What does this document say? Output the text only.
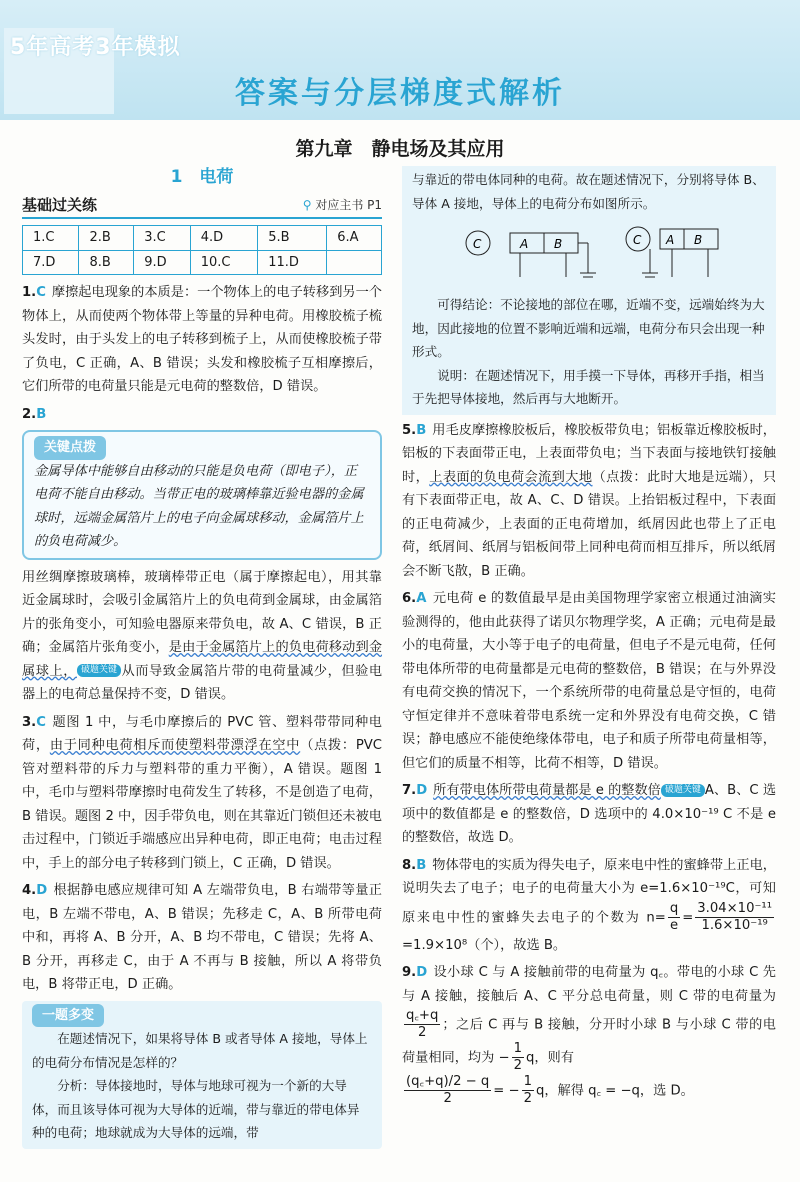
5年高考3年模拟
答案与分层梯度式解析
第九章　静电场及其应用
1　 电荷
基础过关练	⚲ 对应主书 P1
1.C	2.B	3.C	4.D	5.B	6.A
7.D	8.B	9.D	10.C	11.D	

1.C 摩擦起电现象的本质是：一个物体上的电子转移到另一个物体上，从而使两个物体带上等量的异种电荷。用橡胶梳子梳头发时，由于头发上的电子转移到梳子上，从而使橡胶梳子带了负电，C 正确，A、B 错误；头发和橡胶梳子互相摩擦后，它们所带的电荷量只能是元电荷的整数倍，D 错误。

2.B

关键点拨
金属导体中能够自由移动的只能是负电荷（即电子），正电荷不能自由移动。当带正电的玻璃棒靠近验电器的金属球时，远端金属箔片上的电子向金属球移动，金属箔片上的负电荷减少。

用丝绸摩擦玻璃棒，玻璃棒带正电（属于摩擦起电），用其靠近金属球时，会吸引金属箔片上的负电荷到金属球，由金属箔片的张角变小，可知验电器原来带负电，故 A、C 错误，B 正确；金属箔片张角变小，是由于金属箔片上的负电荷移动到金属球上， 破题关键 从而导致金属箔片带的电荷量减少，但验电器上的电荷总量保持不变，D 错误。

3.C 题图 1 中，与毛巾摩擦后的 PVC 管、塑料带带同种电荷，由于同种电荷相斥而使塑料带漂浮在空中（点拨：PVC 管对塑料带的斥力与塑料带的重力平衡），A 错误。题图 1 中，毛巾与塑料带摩擦时电荷发生了转移，不是创造了电荷，B 错误。题图 2 中，因手带负电，则在其靠近门锁但还未被电击过程中，门锁近手端感应出异种电荷，即正电荷；电击过程中，手上的部分电子转移到门锁上，C 正确，D 错误。

4.D 根据静电感应规律可知 A 左端带负电，B 右端带等量正电，B 左端不带电，A、B 错误；先移走 C，A、B 所带电荷中和，再将 A、B 分开，A、B 均不带电，C 错误；先将 A、B 分开，再移走 C，由于 A 不再与 B 接触，所以 A 将带负电，B 将带正电，D 正确。

一题多变
在题述情况下，如果将导体 B 或者导体 A 接地，导体上的电荷分布情况是怎样的？
分析：导体接地时，导体与地球可视为一个新的大导体，而且该导体可视为大导体的近端，带与靠近的带电体异种的电荷；地球就成为大导体的远端，带
与靠近的带电体同种的电荷。故在题述情况下，分别将导体 B、导体 A 接地，导体上的电荷分布如图所示。
C	A B	C A B
可得结论：不论接地的部位在哪，近端不变，远端始终为大地，因此接地的位置不影响近端和远端，电荷分布只会出现一种形式。
说明：在题述情况下，用手摸一下导体，再移开手指，相当于先把导体接地，然后再与大地断开。

5.B 用毛皮摩擦橡胶板后，橡胶板带负电；铝板靠近橡胶板时，铝板的下表面带正电，上表面带负电；当下表面与接地铁钉接触时，上表面的负电荷会流到大地（点拨：此时大地是远端），只有下表面带正电，故 A、C、D 错误。上抬铝板过程中，下表面的正电荷减少，上表面的正电荷增加，纸屑因此也带上了正电荷，纸屑间、纸屑与铝板间带上同种电荷而相互排斥，所以纸屑会不断飞散，B 正确。

6.A 元电荷 e 的数值最早是由美国物理学家密立根通过油滴实验测得的，他由此获得了诺贝尔物理学奖，A 正确；元电荷是最小的电荷量，大小等于电子的电荷量，但电子不是元电荷，任何带电体所带的电荷量都是元电荷的整数倍，B 错误；在与外界没有电荷交换的情况下，一个系统所带的电荷量总是守恒的，电荷守恒定律并不意味着带电系统一定和外界没有电荷交换，C 错误；静电感应不能使绝缘体带电，电子和质子所带电荷量相等，但它们的质量不相等，比荷不相等，D 错误。

7.D 所有带电体所带电荷量都是 e 的整数倍 破题关键 A、B、C 选项中的数值都是 e 的整数倍，D 选项中的 4.0×10⁻¹⁹ C 不是 e 的整数倍，故选 D。

8.B 物体带电的实质为得失电子，原来电中性的蜜蜂带上正电，说明失去了电子；电子的电荷量大小为 e=1.6×10⁻¹⁹C，可知原来电中性的蜜蜂失去电子的个数为 $n= \frac{q}{e} = \frac{\text{3.04×10⁻¹¹}}{\text{1.6×10⁻¹⁹}}$
=1.9×10⁸（个），故选 B。

9.D 设小球 C 与 A 接触前带的电荷量为 q꜀。带电的小球 C 先与 A 接触，接触后 A、C 平分总电荷量，则 C 带的电荷量为
$\frac{q꜀+q}{2}$ ；之后 C 再与 B 接触，分开时小球 B 与小球 C 带的电荷量相同，均为 − $\frac{1}{2}$ q，则有

$\frac{(q꜀+q)/2 - q}{2}$ = − $\frac{1}{2}$ q，解得 q꜀ = −q，选 D。
